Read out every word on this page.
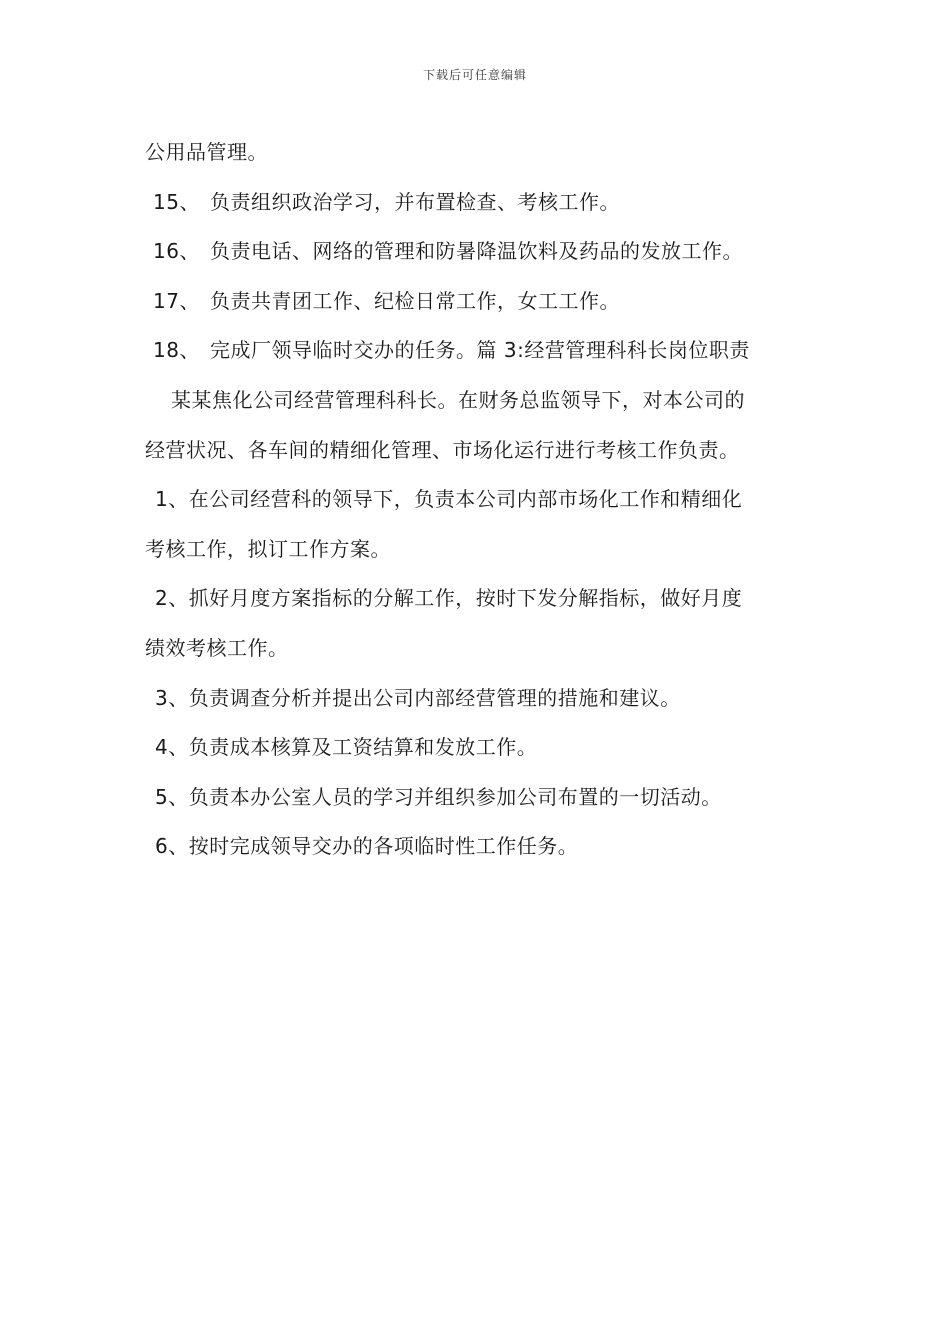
下载后可任意编辑
公用品管理。
15、 负责组织政治学习，并布置检查、考核工作。
16、 负责电话、网络的管理和防暑降温饮料及药品的发放工作。
17、 负责共青团工作、纪检日常工作，女工工作。
18、 完成厂领导临时交办的任务。篇 3:经营管理科科长岗位职责
某某焦化公司经营管理科科长。在财务总监领导下，对本公司的
经营状况、各车间的精细化管理、市场化运行进行考核工作负责。
1、在公司经营科的领导下，负责本公司内部市场化工作和精细化
考核工作，拟订工作方案。
2、抓好月度方案指标的分解工作，按时下发分解指标，做好月度
绩效考核工作。
3、负责调查分析并提出公司内部经营管理的措施和建议。
4、负责成本核算及工资结算和发放工作。
5、负责本办公室人员的学习并组织参加公司布置的一切活动。
6、按时完成领导交办的各项临时性工作任务。
